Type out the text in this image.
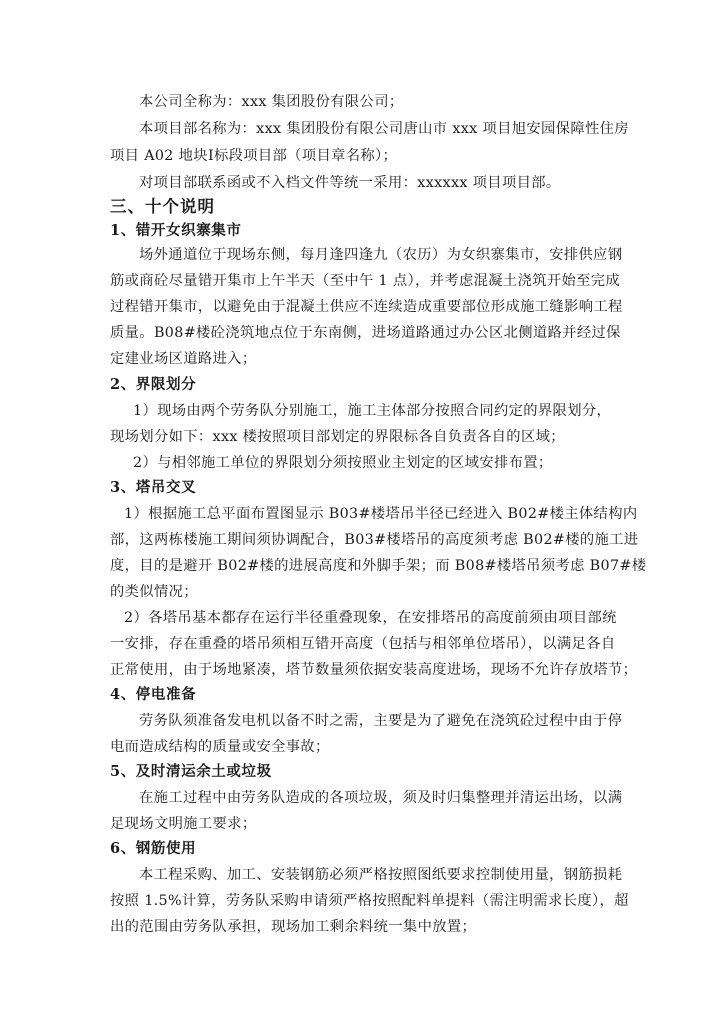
本公司全称为：xxx 集团股份有限公司；
本项目部名称为：xxx 集团股份有限公司唐山市 xxx 项目旭安园保障性住房
项目 A02 地块Ⅰ标段项目部（项目章名称）；
对项目部联系函或不入档文件等统一采用：xxxxxx 项目项目部。
三、十个说明
1、错开女织寨集市
场外通道位于现场东侧，每月逢四逢九（农历）为女织寨集市，安排供应钢
筋或商砼尽量错开集市上午半天（至中午 1 点），并考虑混凝土浇筑开始至完成
过程错开集市，以避免由于混凝土供应不连续造成重要部位形成施工缝影响工程
质量。B08#楼砼浇筑地点位于东南侧，进场道路通过办公区北侧道路并经过保
定建业场区道路进入；
2、界限划分
1）现场由两个劳务队分别施工，施工主体部分按照合同约定的界限划分，
现场划分如下：xxx 楼按照项目部划定的界限标各自负责各自的区域；
2）与相邻施工单位的界限划分须按照业主划定的区域安排布置；
3、塔吊交叉
1）根据施工总平面布置图显示 B03#楼塔吊半径已经进入 B02#楼主体结构内
部，这两栋楼施工期间须协调配合，B03#楼塔吊的高度须考虑 B02#楼的施工进
度，目的是避开 B02#楼的进展高度和外脚手架；而 B08#楼塔吊须考虑 B07#楼
的类似情况；
2）各塔吊基本都存在运行半径重叠现象，在安排塔吊的高度前须由项目部统
一安排，存在重叠的塔吊须相互错开高度（包括与相邻单位塔吊），以满足各自
正常使用，由于场地紧凑，塔节数量须依据安装高度进场，现场不允许存放塔节；
4、停电准备
劳务队须准备发电机以备不时之需，主要是为了避免在浇筑砼过程中由于停
电而造成结构的质量或安全事故；
5、及时清运余土或垃圾
在施工过程中由劳务队造成的各项垃圾，须及时归集整理并清运出场，以满
足现场文明施工要求；
6、钢筋使用
本工程采购、加工、安装钢筋必须严格按照图纸要求控制使用量，钢筋损耗
按照 1.5%计算，劳务队采购申请须严格按照配料单提料（需注明需求长度），超
出的范围由劳务队承担，现场加工剩余料统一集中放置；
